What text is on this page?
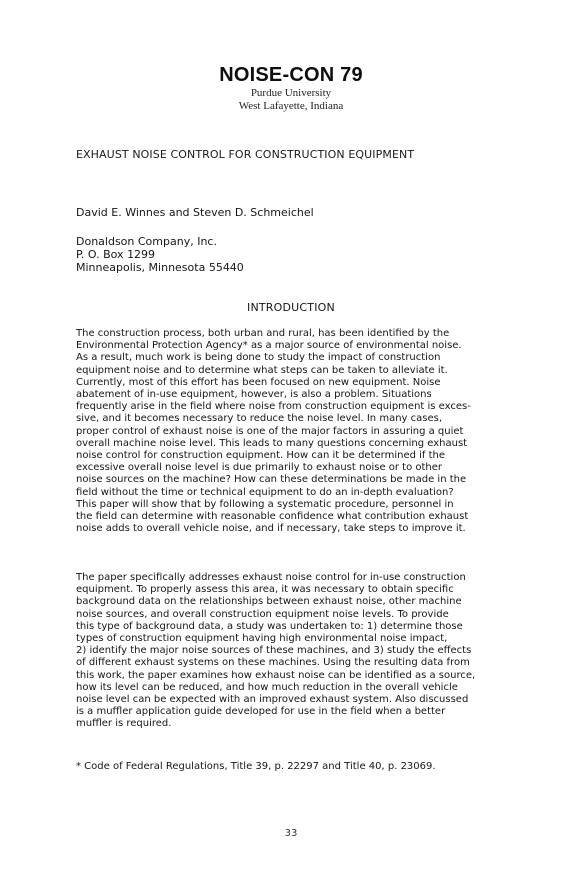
NOISE-CON 79
Purdue University
West Lafayette, Indiana
EXHAUST NOISE CONTROL FOR CONSTRUCTION EQUIPMENT
David E. Winnes and Steven D. Schmeichel
Donaldson Company, Inc.
P. O. Box 1299
Minneapolis, Minnesota 55440
INTRODUCTION
The construction process, both urban and rural, has been identified by the
Environmental Protection Agency* as a major source of environmental noise.
As a result, much work is being done to study the impact of construction
equipment noise and to determine what steps can be taken to alleviate it.
Currently, most of this effort has been focused on new equipment. Noise
abatement of in-use equipment, however, is also a problem. Situations
frequently arise in the field where noise from construction equipment is exces-
sive, and it becomes necessary to reduce the noise level. In many cases,
proper control of exhaust noise is one of the major factors in assuring a quiet
overall machine noise level. This leads to many questions concerning exhaust
noise control for construction equipment. How can it be determined if the
excessive overall noise level is due primarily to exhaust noise or to other
noise sources on the machine? How can these determinations be made in the
field without the time or technical equipment to do an in-depth evaluation?
This paper will show that by following a systematic procedure, personnel in
the field can determine with reasonable confidence what contribution exhaust
noise adds to overall vehicle noise, and if necessary, take steps to improve it.
The paper specifically addresses exhaust noise control for in-use construction
equipment. To properly assess this area, it was necessary to obtain specific
background data on the relationships between exhaust noise, other machine
noise sources, and overall construction equipment noise levels. To provide
this type of background data, a study was undertaken to: 1) determine those
types of construction equipment having high environmental noise impact,
2) identify the major noise sources of these machines, and 3) study the effects
of different exhaust systems on these machines. Using the resulting data from
this work, the paper examines how exhaust noise can be identified as a source,
how its level can be reduced, and how much reduction in the overall vehicle
noise level can be expected with an improved exhaust system. Also discussed
is a muffler application guide developed for use in the field when a better
muffler is required.
* Code of Federal Regulations, Title 39, p. 22297 and Title 40, p. 23069.
33
